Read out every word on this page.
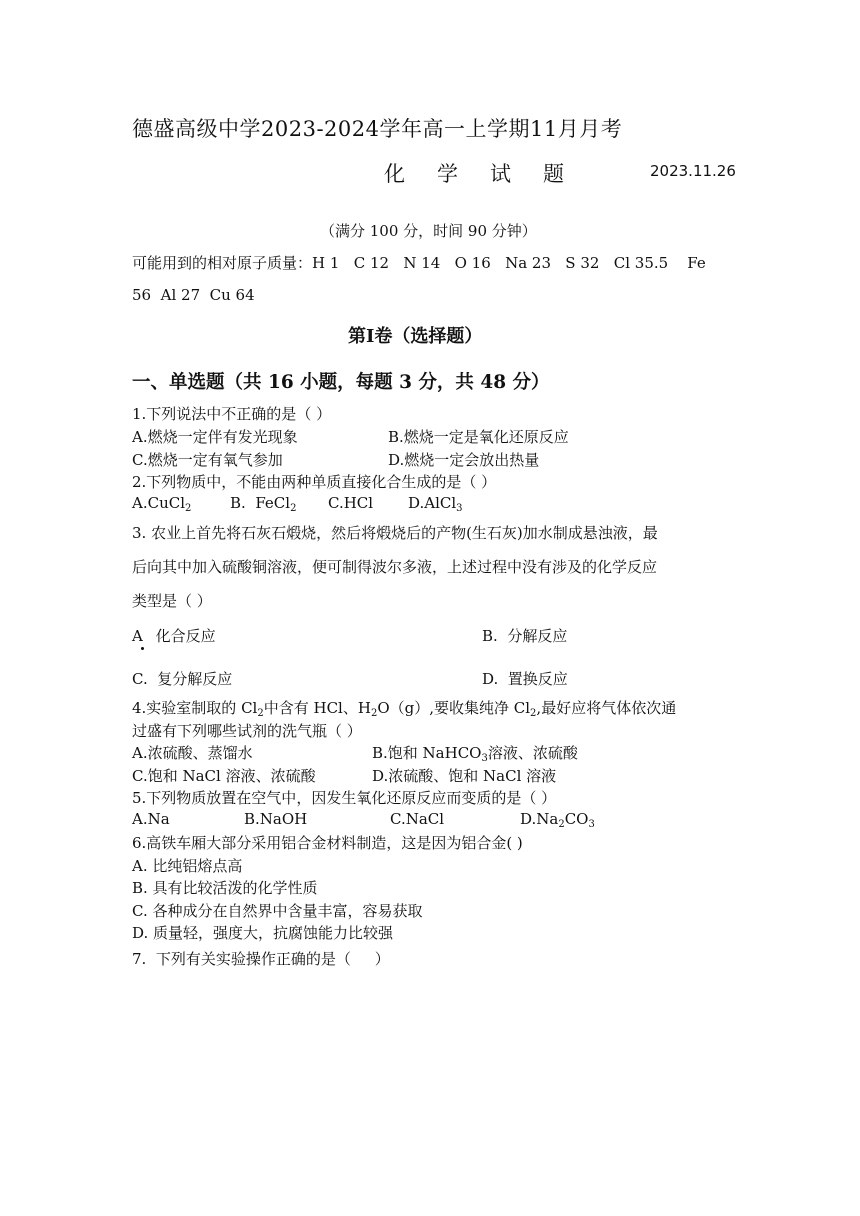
德盛高级中学2023-2024学年高一上学期11月月考
化学试题	2023.11.26
（满分 100 分，时间 90 分钟）
可能用到的相对原子质量：H 1   C 12   N 14   O 16   Na 23   S 32   Cl 35.5    Fe
56  Al 27  Cu 64
第Ⅰ卷（选择题）
一、单选题（共 16 小题，每题 3 分，共 48 分）
1.下列说法中不正确的是（ ）
A.燃烧一定伴有发光现象	B.燃烧一定是氧化还原反应
C.燃烧一定有氧气参加	D.燃烧一定会放出热量
2.下列物质中，不能由两种单质直接化合生成的是（ ）
A.CuCl$_2$	B.  FeCl$_2$ C.HCl D.AlCl$_3$
3. 农业上首先将石灰石煅烧，然后将煅烧后的产物(生石灰)加水制成悬浊液，最
后向其中加入硫酸铜溶液，便可制得波尔多液，上述过程中没有涉及的化学反应
类型是（ ）
A 化合反应	B.  分解反应
C.  复分解反应	D.  置换反应
4.实验室制取的 $Cl_2$中含有 HCl、$H_2O(g)$,要收集纯净 $Cl_2$,最好应将气体依次通
过盛有下列哪些试剂的洗气瓶（ ）
A.浓硫酸、蒸馏水	B.饱和 NaHCO$_3$溶液、浓硫酸
C.饱和 NaCl 溶液、浓硫酸	D.浓硫酸、饱和 NaCl 溶液
5.下列物质放置在空气中，因发生氧化还原反应而变质的是（ ）
A.Na	B.NaOH	C.NaCl	$D.Na_2CO_3$
6.高铁车厢大部分采用铝合金材料制造，这是因为铝合金( )
A. 比纯铝熔点高
B. 具有比较活泼的化学性质
C. 各种成分在自然界中含量丰富，容易获取
D. 质量轻，强度大，抗腐蚀能力比较强
7.  下列有关实验操作正确的是（     ）
